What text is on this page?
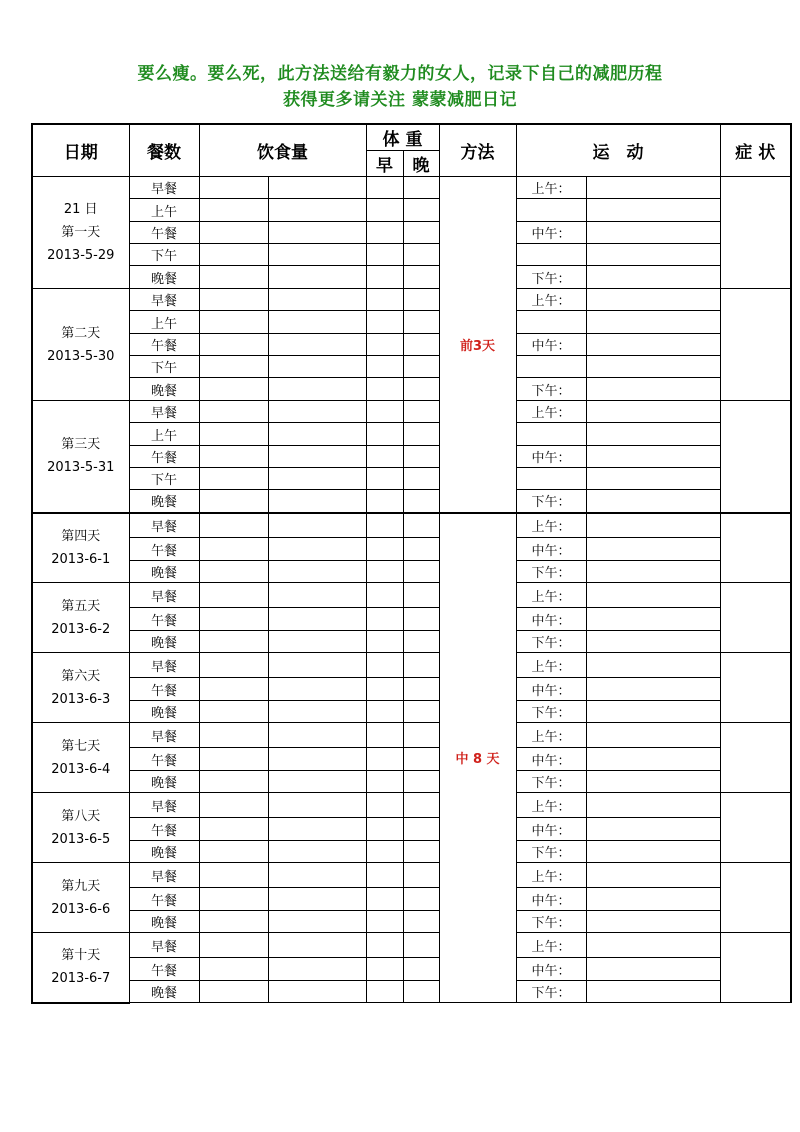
要么瘦。要么死，此方法送给有毅力的女人，记录下自己的减肥历程
获得更多请关注 蒙蒙减肥日记
日期	餐数	饮食量		体 重		方法	运　动		症 状
				早	晚				

21 日
第一天
2013-5-29	早餐					前3天	上午：		
	上午								
	午餐						中午：		
	下午								
	晚餐						下午：		

第二天
2013-5-30	早餐						上午：		
	上午								
	午餐						中午：		
	下午								
	晚餐						下午：		

第三天
2013-5-31	早餐						上午：		
	上午								
	午餐						中午：		
	下午								
	晚餐						下午：		

第四天
2013-6-1	早餐					中 8 天	上午：		
	午餐						中午：		
	晚餐						下午：		

第五天
2013-6-2	早餐						上午：		
	午餐						中午：		
	晚餐						下午：		

第六天
2013-6-3	早餐						上午：		
	午餐						中午：		
	晚餐						下午：		

第七天
2013-6-4	早餐						上午：		
	午餐						中午：		
	晚餐						下午：		

第八天
2013-6-5	早餐						上午：		
	午餐						中午：		
	晚餐						下午：		

第九天
2013-6-6	早餐						上午：		
	午餐						中午：		
	晚餐						下午：		

第十天
2013-6-7	早餐						上午：		
	午餐						中午：		
	晚餐						下午：		
